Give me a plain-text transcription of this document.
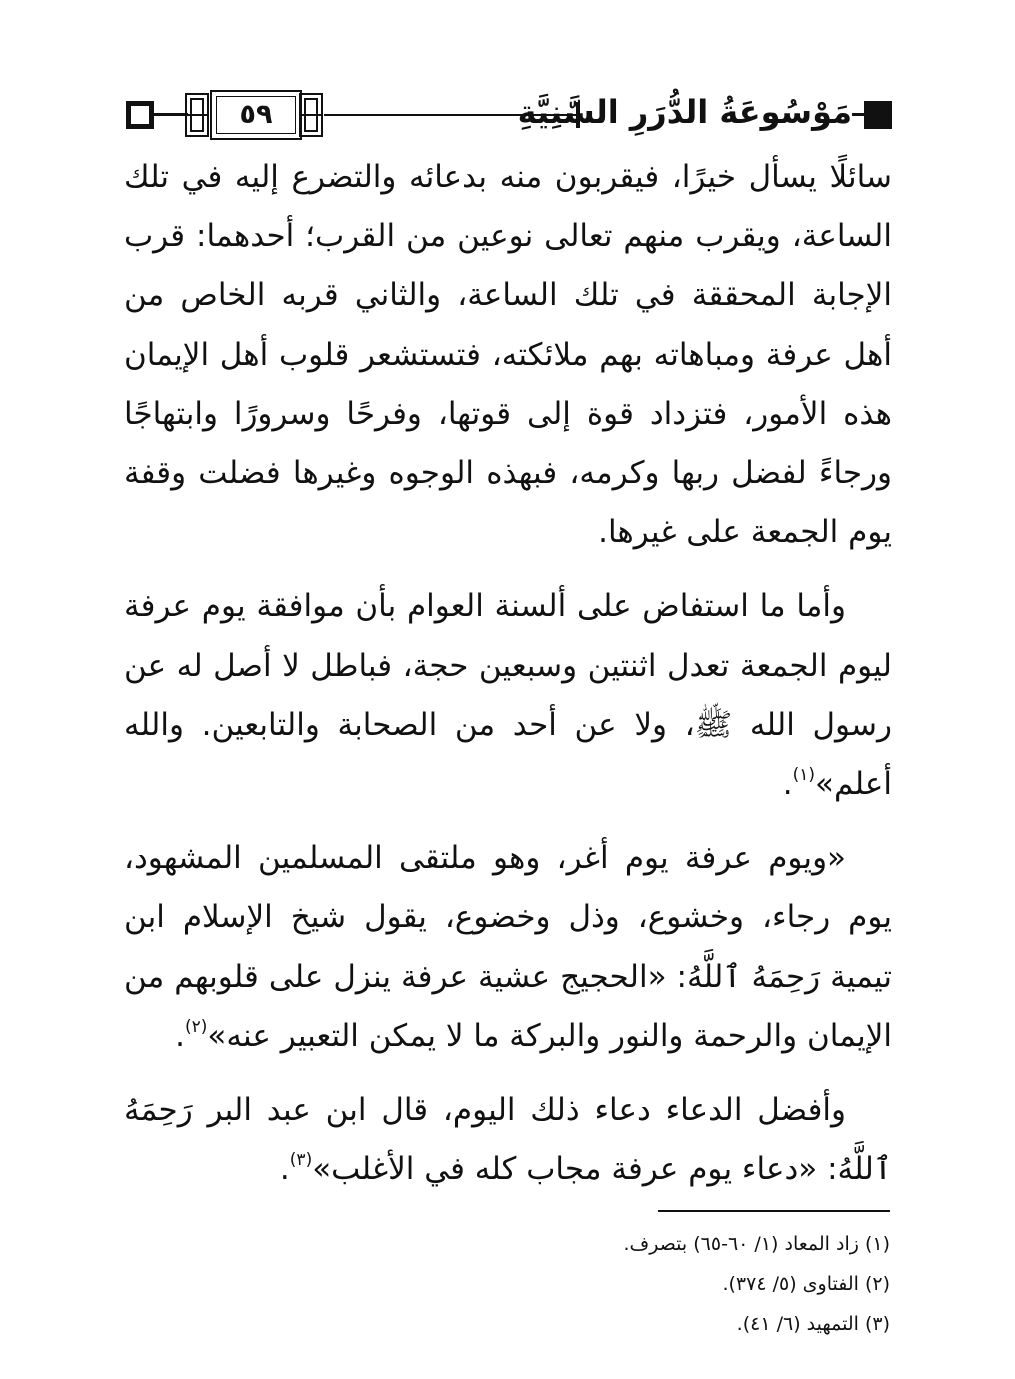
٥٩	مَوْسُوعَةُ الدُّرَرِ السَّنِيَّةِ

سائلًا يسأل خيرًا، فيقربون منه بدعائه والتضرع إليه في تلك الساعة، ويقرب منهم تعالى نوعين من القرب؛ أحدهما: قرب الإجابة المحققة في تلك الساعة، والثاني قربه الخاص من أهل عرفة ومباهاته بهم ملائكته، فتستشعر قلوب أهل الإيمان هذه الأمور، فتزداد قوة إلى قوتها، وفرحًا وسرورًا وابتهاجًا ورجاءً لفضل ربها وكرمه، فبهذه الوجوه وغيرها فضلت وقفة يوم الجمعة على غيرها.

وأما ما استفاض على ألسنة العوام بأن موافقة يوم عرفة ليوم الجمعة تعدل اثنتين وسبعين حجة، فباطل لا أصل له عن رسول الله ﷺ، ولا عن أحد من الصحابة والتابعين. والله أعلم»$^{(١)}$.

«ويوم عرفة يوم أغر، وهو ملتقى المسلمين المشهود، يوم رجاء، وخشوع، وذل وخضوع، يقول شيخ الإسلام ابن تيمية رَحِمَهُ ٱللَّهُ: «الحجيج عشية عرفة ينزل على قلوبهم من الإيمان والرحمة والنور والبركة ما لا يمكن التعبير عنه»$^{(٢)}$.

وأفضل الدعاء دعاء ذلك اليوم، قال ابن عبد البر رَحِمَهُ ٱللَّهُ: «دعاء يوم عرفة مجاب كله في الأغلب»$^{(٣)}$.

(١) زاد المعاد (١/ ٦٠-٦٥) بتصرف.

(٢) الفتاوى (٥/ ٣٧٤).

(٣) التمهيد (٦/ ٤١).
